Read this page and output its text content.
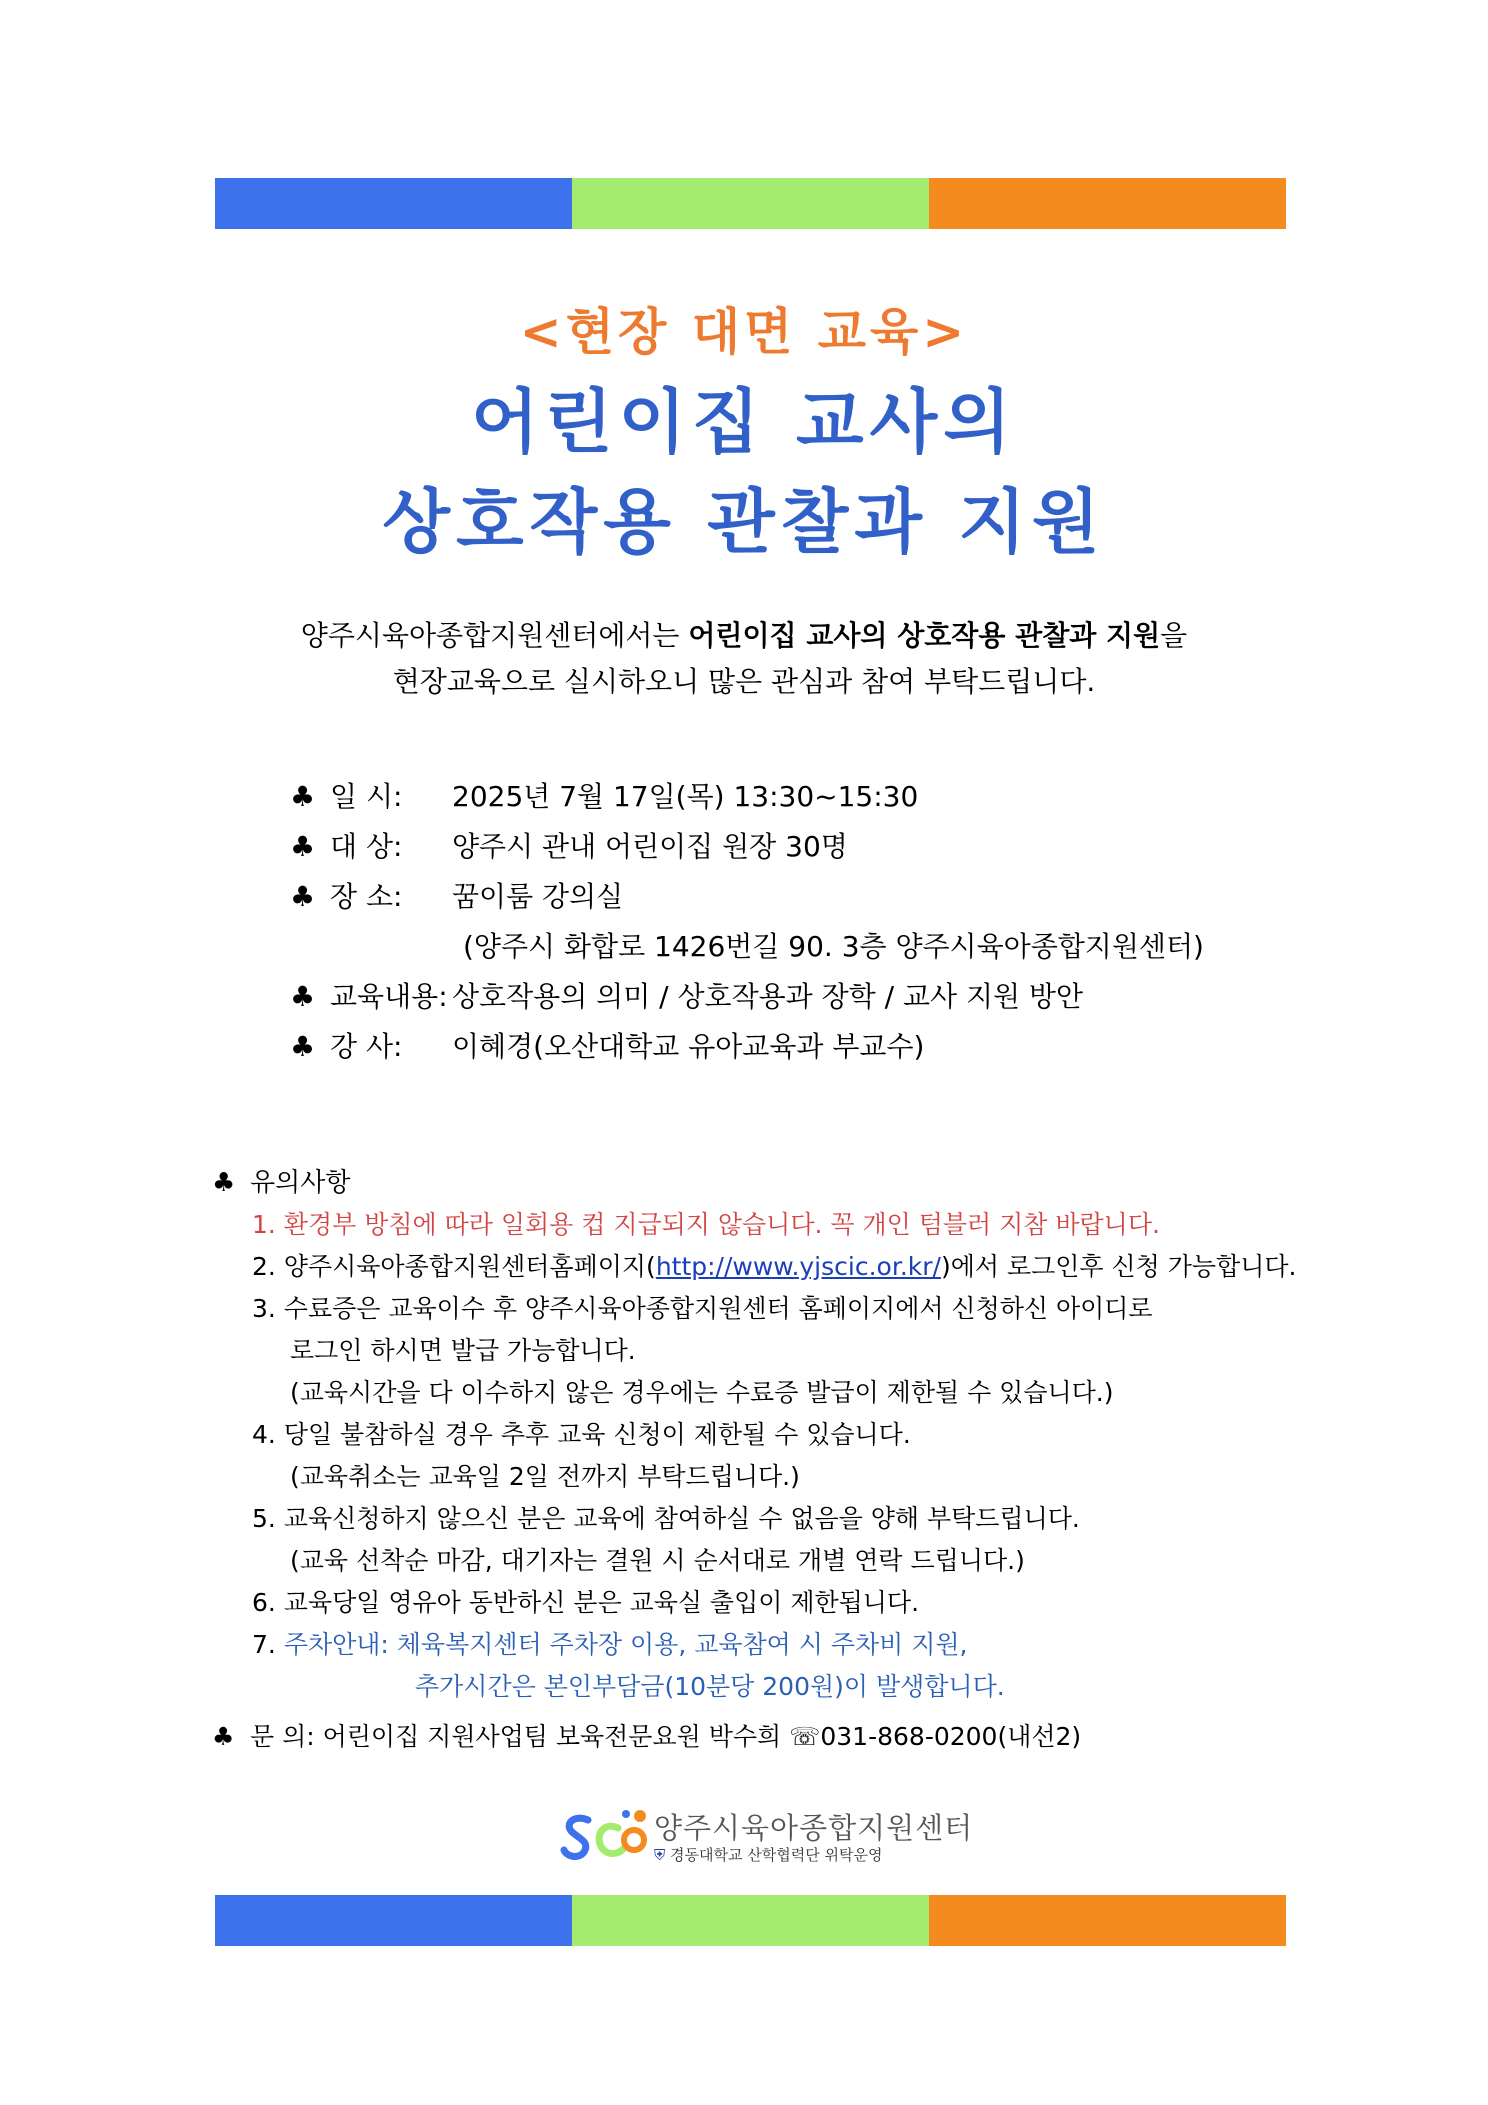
<현장 대면 교육>
어린이집 교사의
상호작용 관찰과 지원
양주시육아종합지원센터에서는 어린이집 교사의 상호작용 관찰과 지원을
현장교육으로 실시하오니 많은 관심과 참여 부탁드립니다.
♣ 일 시: 2025년 7월 17일(목) 13:30~15:30
♣ 대 상: 양주시 관내 어린이집 원장 30명
♣ 장 소: 꿈이룸 강의실
(양주시 화합로 1426번길 90. 3층 양주시육아종합지원센터)
♣ 교육내용: 상호작용의 의미 / 상호작용과 장학 / 교사 지원 방안
♣ 강 사: 이혜경(오산대학교 유아교육과 부교수)
♣ 유의사항
1. 환경부 방침에 따라 일회용 컵 지급되지 않습니다. 꼭 개인 텀블러 지참 바랍니다.
2. 양주시육아종합지원센터홈페이지(http://www.yjscic.or.kr/)에서 로그인후 신청 가능합니다.
3. 수료증은 교육이수 후 양주시육아종합지원센터 홈페이지에서 신청하신 아이디로
로그인 하시면 발급 가능합니다.
(교육시간을 다 이수하지 않은 경우에는 수료증 발급이 제한될 수 있습니다.)
4. 당일 불참하실 경우 추후 교육 신청이 제한될 수 있습니다.
(교육취소는 교육일 2일 전까지 부탁드립니다.)
5. 교육신청하지 않으신 분은 교육에 참여하실 수 없음을 양해 부탁드립니다.
(교육 선착순 마감, 대기자는 결원 시 순서대로 개별 연락 드립니다.)
6. 교육당일 영유아 동반하신 분은 교육실 출입이 제한됩니다.
7. 주차안내: 체육복지센터 주차장 이용, 교육참여 시 주차비 지원,
추가시간은 본인부담금(10분당 200원)이 발생합니다.
♣ 문 의: 어린이집 지원사업팀 보육전문요원 박수희 ☏031-868-0200(내선2)
양주시육아종합지원센터
⛨ 경동대학교 산학협력단 위탁운영
